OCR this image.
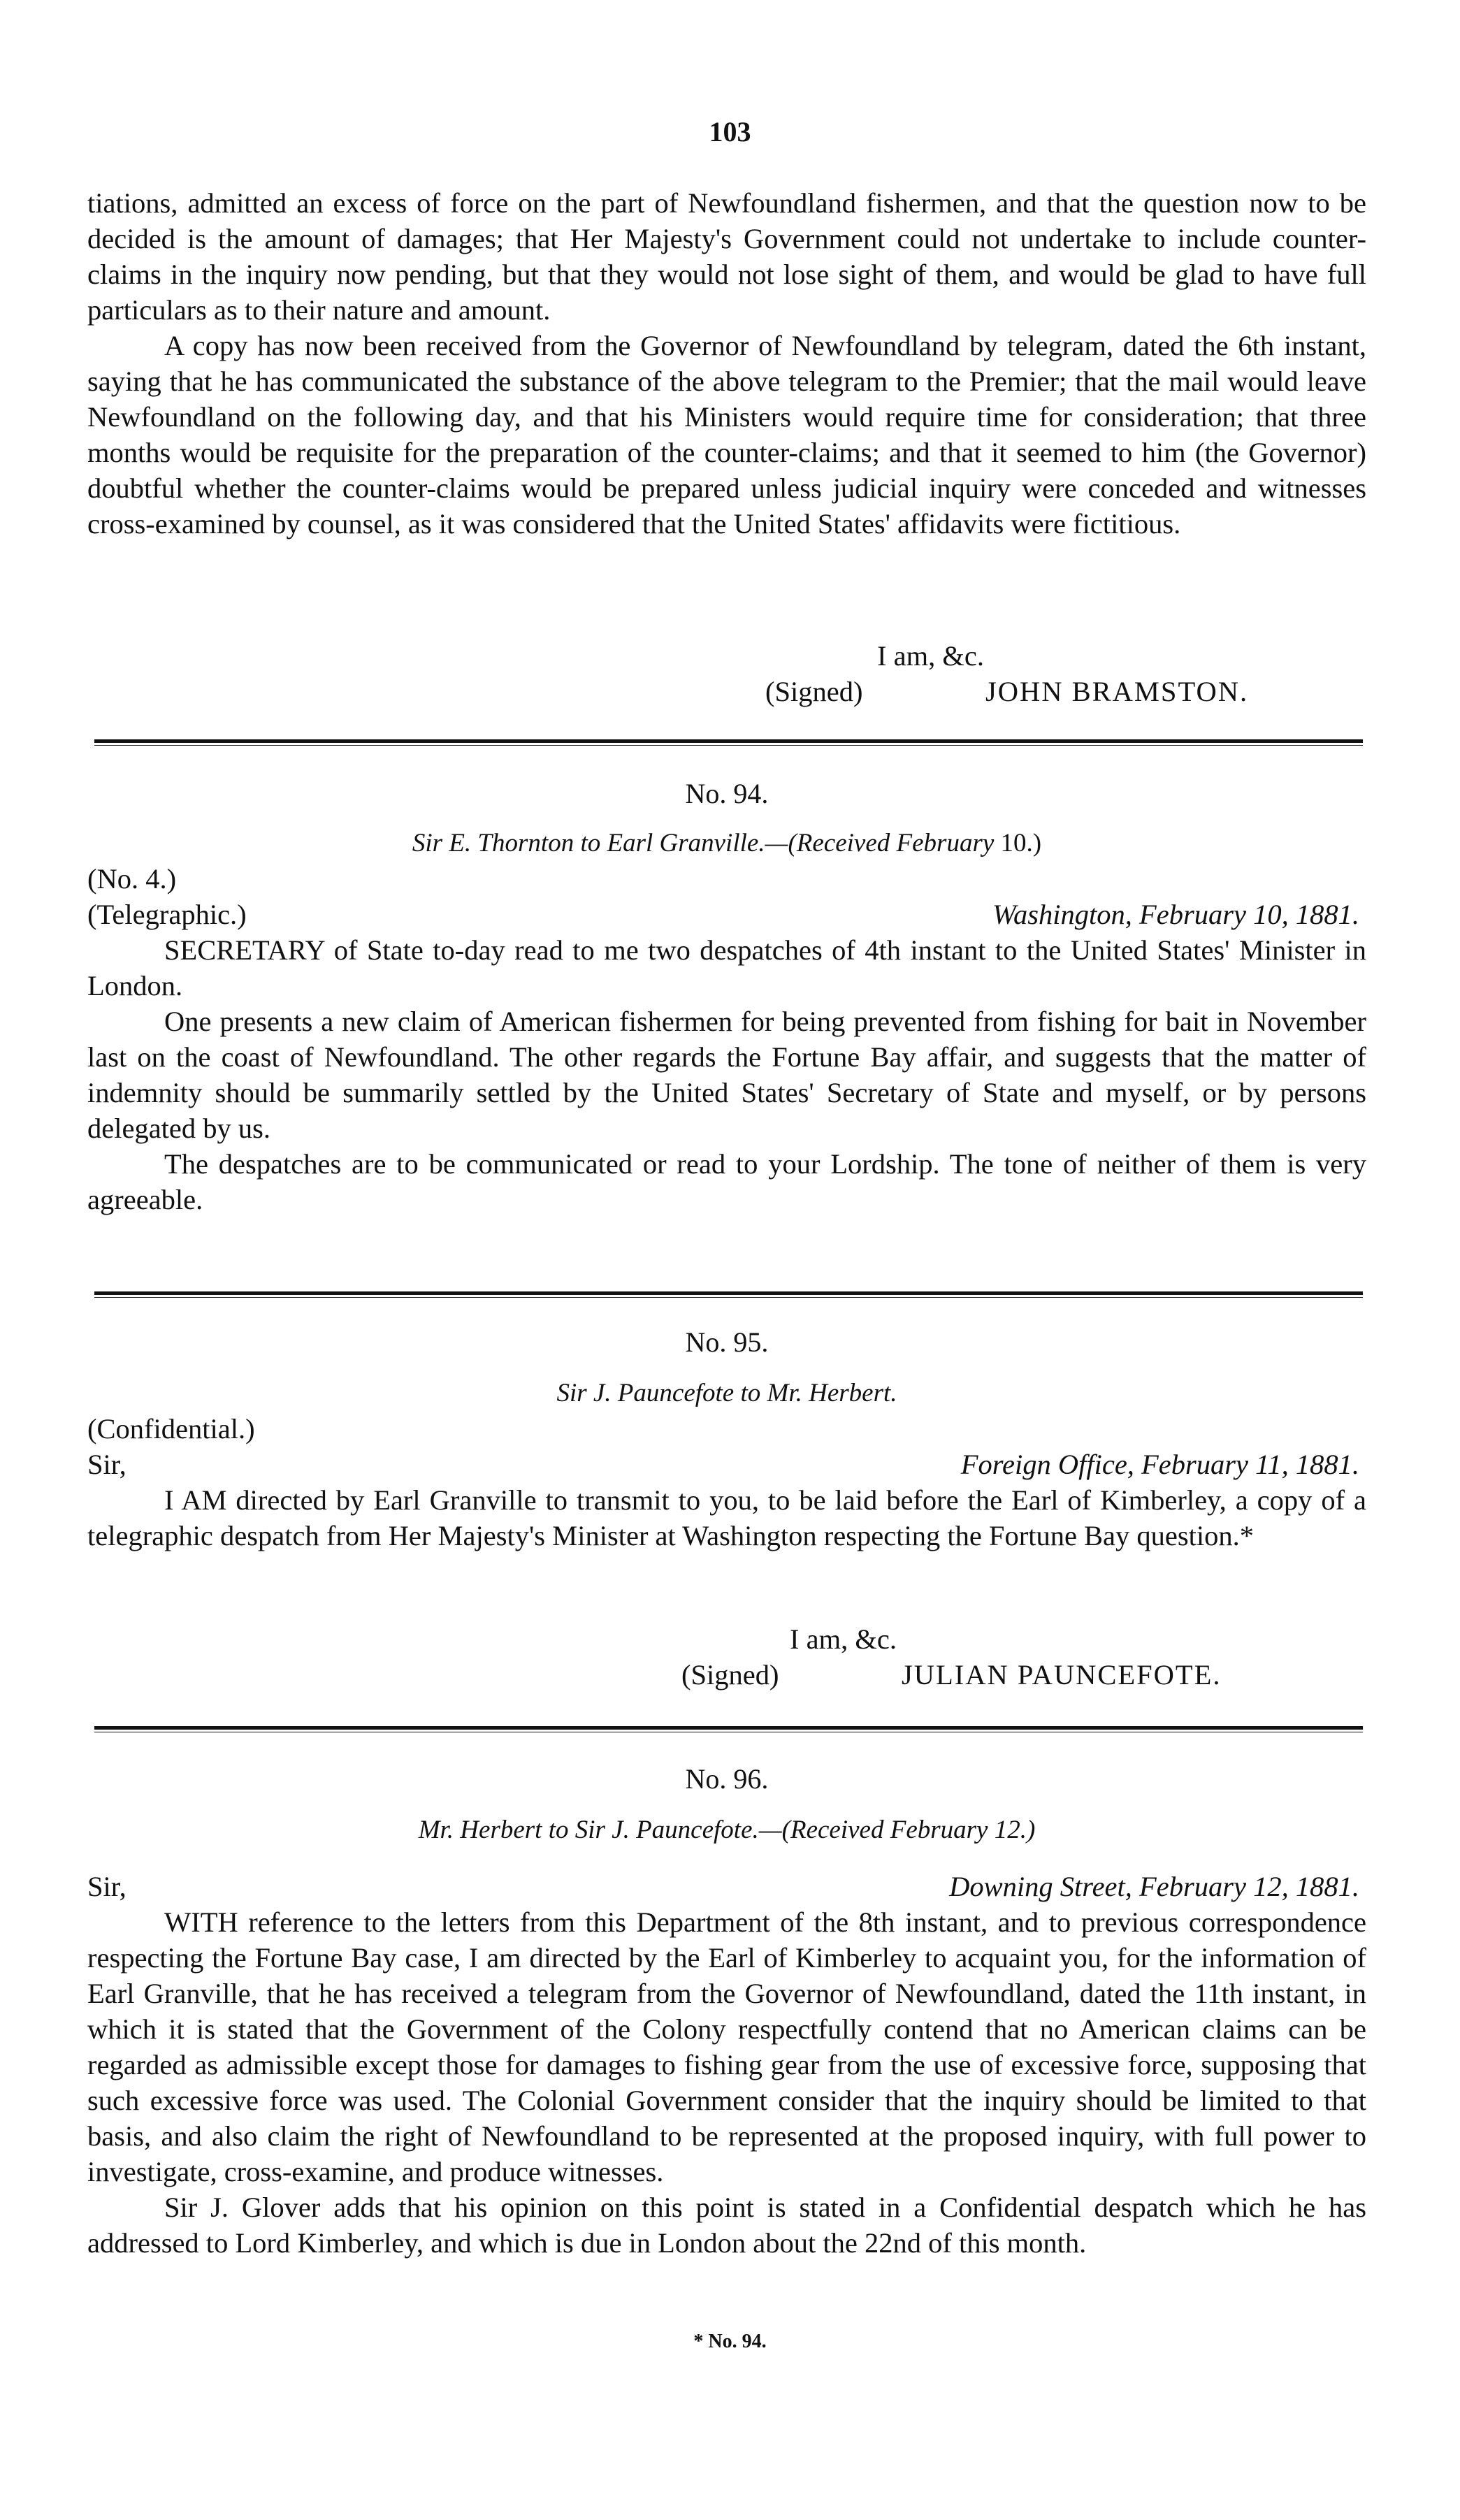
103

tiations, admitted an excess of force on the part of Newfoundland fishermen, and that the question now to be decided is the amount of damages; that Her Majesty's Government could not undertake to include counter-claims in the inquiry now pending, but that they would not lose sight of them, and would be glad to have full particulars as to their nature and amount.

A copy has now been received from the Governor of Newfoundland by telegram, dated the 6th instant, saying that he has communicated the substance of the above telegram to the Premier; that the mail would leave Newfoundland on the following day, and that his Ministers would require time for consideration; that three months would be requisite for the preparation of the counter-claims; and that it seemed to him (the Governor) doubtful whether the counter-claims would be prepared unless judicial inquiry were conceded and witnesses cross-examined by counsel, as it was considered that the United States' affidavits were fictitious.

I am, &c.
(Signed)	JOHN BRAMSTON.
No. 94.
Sir E. Thornton to Earl Granville.—(Received February 10.)
(No. 4.)
(Telegraphic.)	Washington, February 10, 1881.

SECRETARY of State to-day read to me two despatches of 4th instant to the United States' Minister in London.

One presents a new claim of American fishermen for being prevented from fishing for bait in November last on the coast of Newfoundland. The other regards the Fortune Bay affair, and suggests that the matter of indemnity should be summarily settled by the United States' Secretary of State and myself, or by persons delegated by us.

The despatches are to be communicated or read to your Lordship. The tone of neither of them is very agreeable.

No. 95.
Sir J. Pauncefote to Mr. Herbert.
(Confidential.)
Sir,	Foreign Office, February 11, 1881.

I AM directed by Earl Granville to transmit to you, to be laid before the Earl of Kimberley, a copy of a telegraphic despatch from Her Majesty's Minister at Washington respecting the Fortune Bay question.*

I am, &c.
(Signed)	JULIAN PAUNCEFOTE.
No. 96.
Mr. Herbert to Sir J. Pauncefote.—(Received February 12.)
Sir,	Downing Street, February 12, 1881.

WITH reference to the letters from this Department of the 8th instant, and to previous correspondence respecting the Fortune Bay case, I am directed by the Earl of Kimberley to acquaint you, for the information of Earl Granville, that he has received a telegram from the Governor of Newfoundland, dated the 11th instant, in which it is stated that the Government of the Colony respectfully contend that no American claims can be regarded as admissible except those for damages to fishing gear from the use of excessive force, supposing that such excessive force was used. The Colonial Government consider that the inquiry should be limited to that basis, and also claim the right of Newfoundland to be represented at the proposed inquiry, with full power to investigate, cross-examine, and produce witnesses.

Sir J. Glover adds that his opinion on this point is stated in a Confidential despatch which he has addressed to Lord Kimberley, and which is due in London about the 22nd of this month.

* No. 94.
